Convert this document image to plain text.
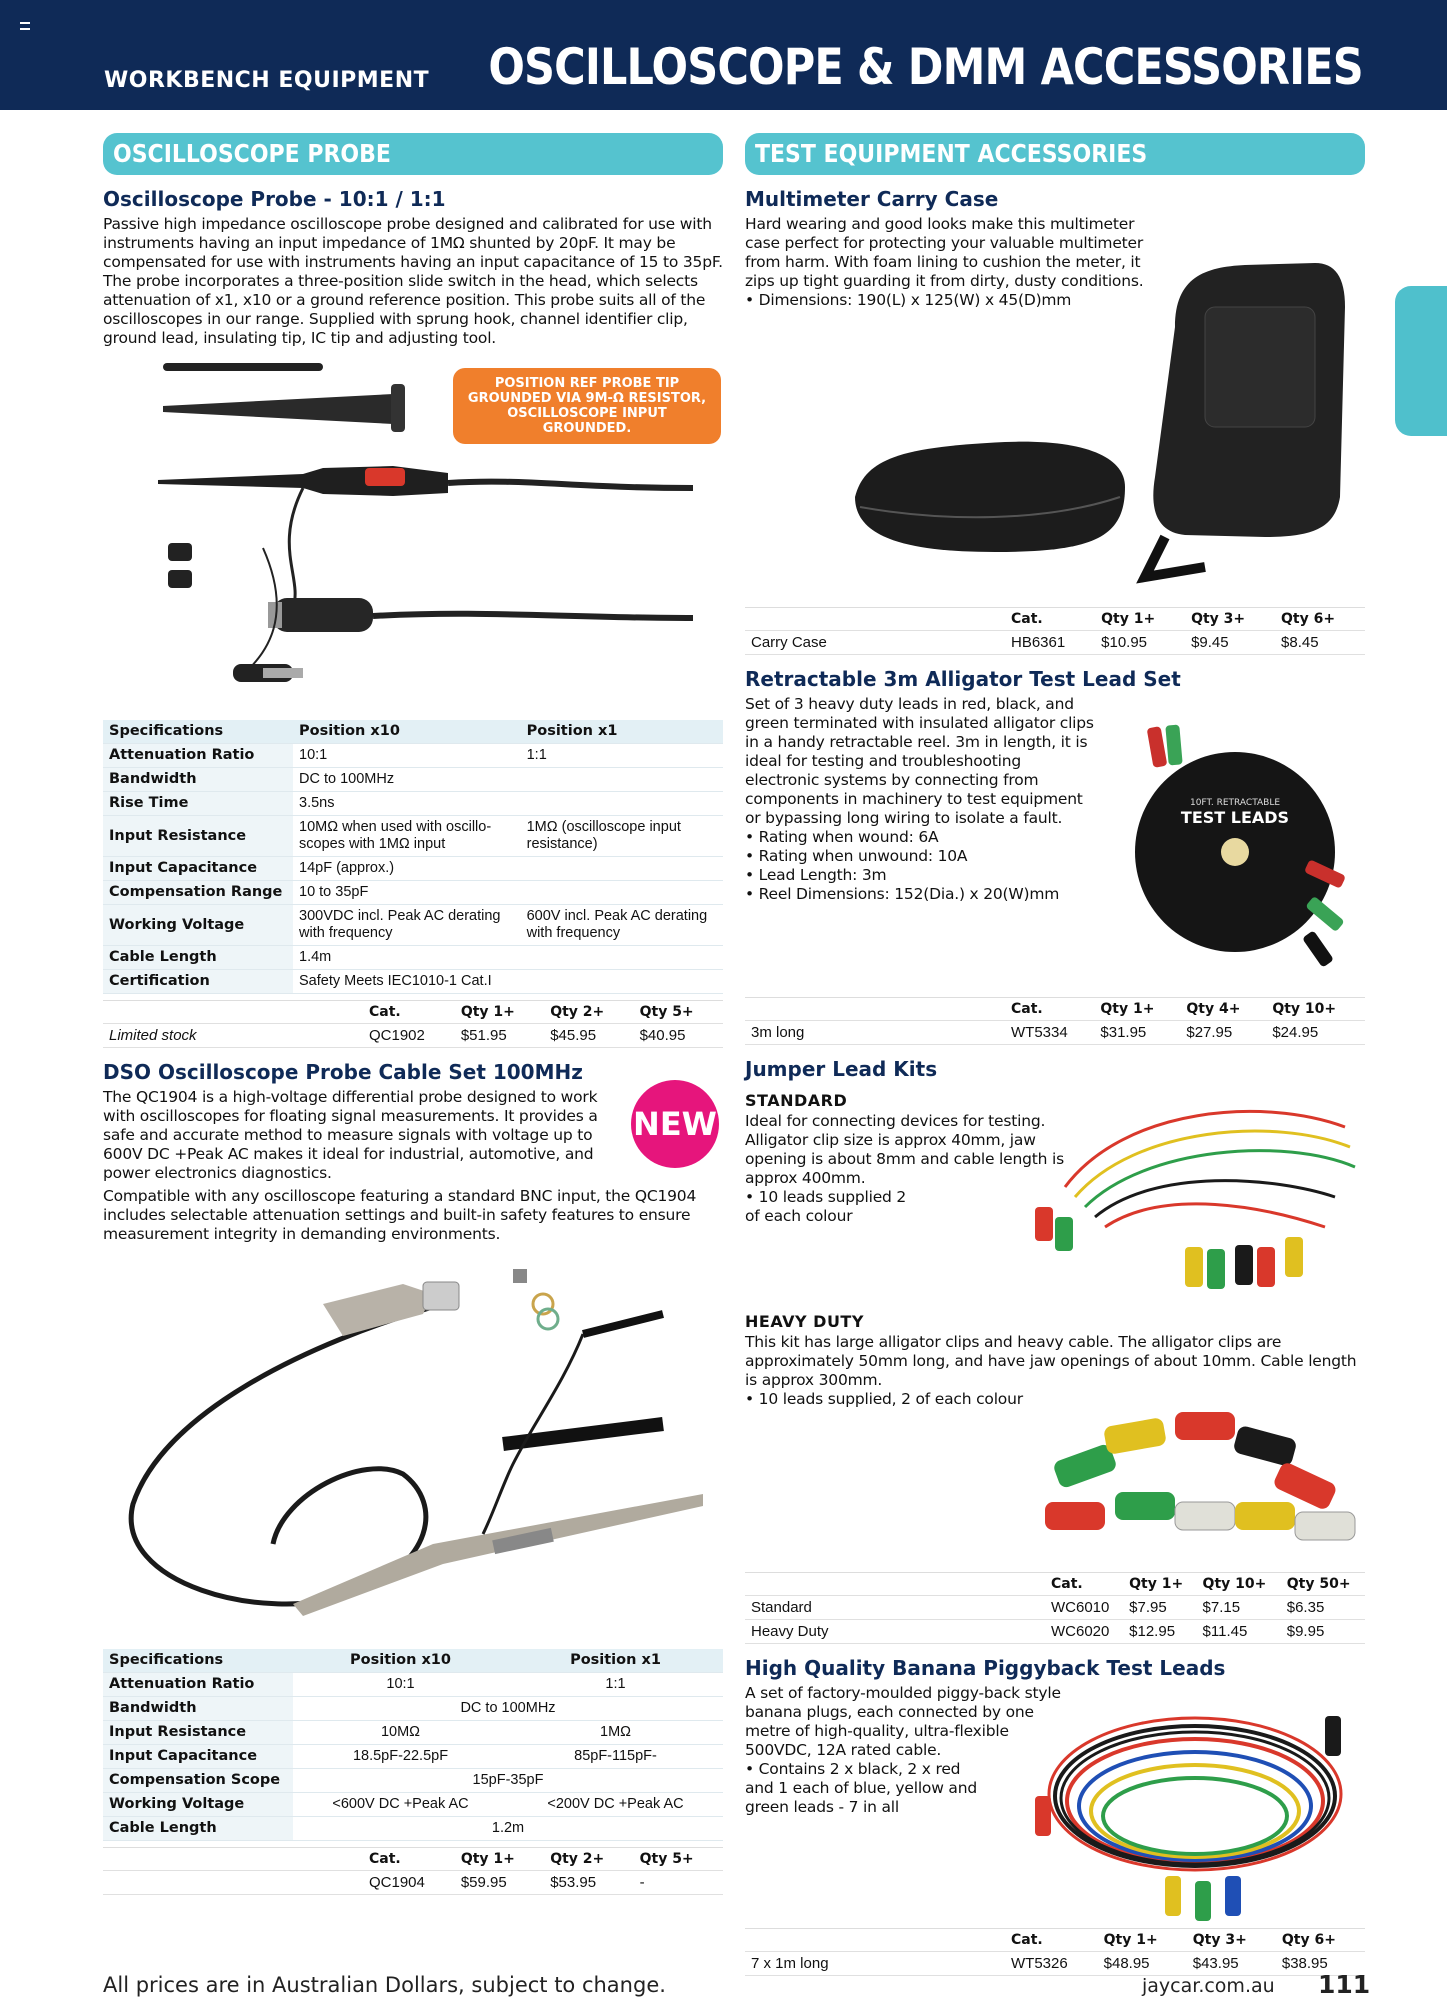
WORKBENCH EQUIPMENT OSCILLOSCOPE & DMM ACCESSORIES
OSCILLOSCOPE PROBE
Oscilloscope Probe - 10:1 / 1:1

Passive high impedance oscilloscope probe designed and calibrated for use with instruments having an input impedance of 1MΩ shunted by 20pF. It may be compensated for use with instruments having an input capacitance of 15 to 35pF. The probe incorporates a three-position slide switch in the head, which selects attenuation of x1, x10 or a ground reference position. This probe suits all of the oscilloscopes in our range. Supplied with sprung hook, channel identifier clip, ground lead, insulating tip, IC tip and adjusting tool.

POSITION REF PROBE TIP GROUNDED VIA 9M-Ω RESISTOR, OSCILLOSCOPE INPUT GROUNDED.
Specifications	Position x10	Position x1
Attenuation Ratio	10:1	1:1
Bandwidth	DC to 100MHz	
Rise Time	3.5ns	
Input Resistance	10MΩ when used with oscillo-scopes with 1MΩ input	1MΩ (oscilloscope input resistance)
Input Capacitance	14pF (approx.)	
Compensation Range	10 to 35pF	
Working Voltage	300VDC incl. Peak AC derating with frequency	600V incl. Peak AC derating with frequency
Cable Length	1.4m	
Certification	Safety Meets IEC1010-1 Cat.I	
	Cat.	Qty 1+	Qty 2+	Qty 5+
Limited stock	QC1902	$51.95	$45.95	$40.95
DSO Oscilloscope Probe Cable Set 100MHz

The QC1904 is a high-voltage differential probe designed to work with oscilloscopes for floating signal measurements. It provides a safe and accurate method to measure signals with voltage up to 600V DC +Peak AC makes it ideal for industrial, automotive, and power electronics diagnostics.

Compatible with any oscilloscope featuring a standard BNC input, the QC1904 includes selectable attenuation settings and built-in safety features to ensure measurement integrity in demanding environments.

NEW
Specifications	Position x10	Position x1
Attenuation Ratio	10:1	1:1
Bandwidth	DC to 100MHz	
Input Resistance	10MΩ	1MΩ
Input Capacitance	18.5pF-22.5pF	85pF-115pF-
Compensation Scope	15pF-35pF	
Working Voltage	<600V DC +Peak AC	<200V DC +Peak AC
Cable Length	1.2m	
	Cat.	Qty 1+	Qty 2+	Qty 5+
	QC1904	$59.95	$53.95	-
TEST EQUIPMENT ACCESSORIES
Multimeter Carry Case

Hard wearing and good looks make this multimeter case perfect for protecting your valuable multimeter from harm. With foam lining to cushion the meter, it zips up tight guarding it from dirty, dusty conditions.

• Dimensions: 190(L) x 125(W) x 45(D)mm
	Cat.	Qty 1+	Qty 3+	Qty 6+
Carry Case	HB6361	$10.95	$9.45	$8.45
Retractable 3m Alligator Test Lead Set

Set of 3 heavy duty leads in red, black, and green terminated with insulated alligator clips in a handy retractable reel. 3m in length, it is ideal for testing and troubleshooting electronic systems by connecting from components in machinery to test equipment or bypassing long wiring to isolate a fault.

• Rating when wound: 6A
• Rating when unwound: 10A
• Lead Length: 3m
• Reel Dimensions: 152(Dia.) x 20(W)mm
10FT. RETRACTABLE
TEST LEADS
	Cat.	Qty 1+	Qty 4+	Qty 10+
3m long	WT5334	$31.95	$27.95	$24.95
Jumper Lead Kits
STANDARD

Ideal for connecting devices for testing. Alligator clip size is approx 40mm, jaw opening is about 8mm and cable length is approx 400mm.

• 10 leads supplied 2 of each colour
HEAVY DUTY

This kit has large alligator clips and heavy cable. The alligator clips are approximately 50mm long, and have jaw openings of about 10mm. Cable length is approx 300mm.

• 10 leads supplied, 2 of each colour
	Cat.	Qty 1+	Qty 10+	Qty 50+
Standard	WC6010	$7.95	$7.15	$6.35
Heavy Duty	WC6020	$12.95	$11.45	$9.95
High Quality Banana Piggyback Test Leads

A set of factory-moulded piggy-back style banana plugs, each connected by one metre of high-quality, ultra-flexible 500VDC, 12A rated cable.

• Contains 2 x black, 2 x red and 1 each of blue, yellow and green leads - 7 in all
	Cat.	Qty 1+	Qty 3+	Qty 6+
7 x 1m long	WT5326	$48.95	$43.95	$38.95
All prices are in Australian Dollars, subject to change.	jaycar.com.au 111
